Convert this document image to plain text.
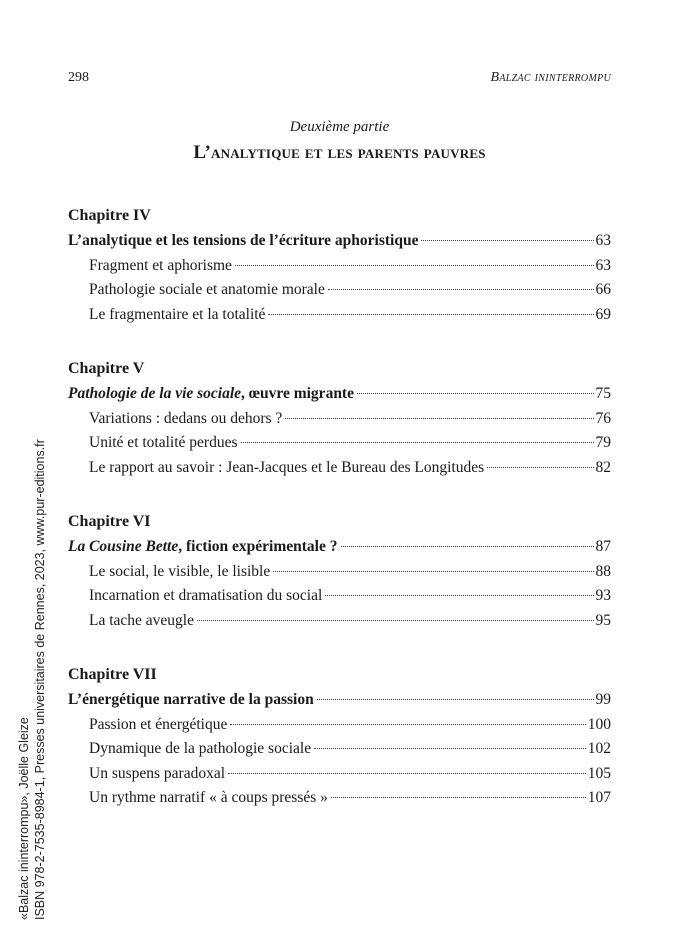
298	Balzac ininterrompu
Deuxième partie
L’analytique et les parents pauvres
Chapitre IV
L’analytique et les tensions de l’écriture aphoristique	63
Fragment et aphorisme	63
Pathologie sociale et anatomie morale	66
Le fragmentaire et la totalité	69
Chapitre V
Pathologie de la vie sociale, œuvre migrante	75
Variations : dedans ou dehors ?	76
Unité et totalité perdues	79
Le rapport au savoir : Jean-Jacques et le Bureau des Longitudes	82
Chapitre VI
La Cousine Bette, fiction expérimentale ?	87
Le social, le visible, le lisible	88
Incarnation et dramatisation du social	93
La tache aveugle	95
Chapitre VII
L’énergétique narrative de la passion	99
Passion et énergétique	100
Dynamique de la pathologie sociale	102
Un suspens paradoxal	105
Un rythme narratif « à coups pressés »	107
«Balzac ininterrompu», Joëlle Gleize ISBN 978-2-7535-8984-1, Presses universitaires de Rennes, 2023, www.pur-editions.fr
